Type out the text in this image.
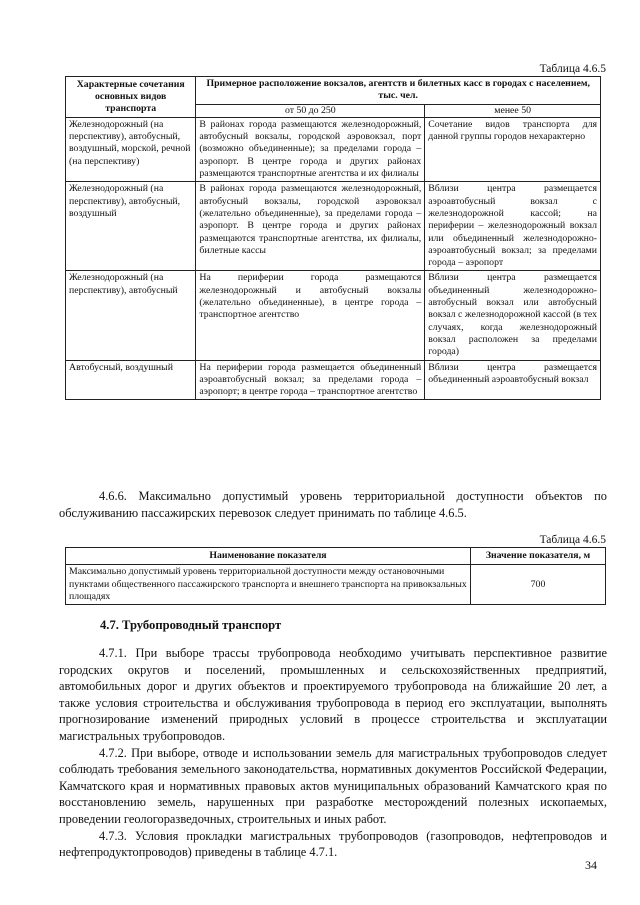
Таблица 4.6.5
Характерные сочетания основных видов транспорта	Примерное расположение вокзалов, агентств и билетных касс в городах с населением, тыс. чел.	
	от 50 до 250	менее 50
Железнодорожный (на перспективу), автобусный, воздушный, морской, речной (на перспективу)	В районах города размещаются железнодорожный, автобусный вокзалы, городской аэровокзал, порт (возможно объединенные); за пределами города – аэропорт. В центре города и других районах размещаются транспортные агентства и их филиалы	Сочетание видов транспорта для данной группы городов нехарактерно
Железнодорожный (на перспективу), автобусный, воздушный	В районах города размещаются железнодорожный, автобусный вокзалы, городской аэровокзал (желательно объединенные), за пределами города – аэропорт. В центре города и других районах размещаются транспортные агентства, их филиалы, билетные кассы	Вблизи центра размещается аэроавтобусный вокзал с железнодорожной кассой; на периферии – железнодорожный вокзал или объединенный железнодорожно-аэроавтобусный вокзал; за пределами города – аэропорт
Железнодорожный (на перспективу), автобусный	На периферии города размещаются железнодорожный и автобусный вокзалы (желательно объединенные), в центре города – транспортное агентство	Вблизи центра размещается объединенный железнодорожно-автобусный вокзал или автобусный вокзал с железнодорожной кассой (в тех случаях, когда железнодорожный вокзал расположен за пределами города)
Автобусный, воздушный	На периферии города размещается объединенный аэроавтобусный вокзал; за пределами города – аэропорт; в центре города – транспортное агентство	Вблизи центра размещается объединенный аэроавтобусный вокзал

4.6.6. Максимально допустимый уровень территориальной доступности объектов по обслуживанию пассажирских перевозок следует принимать по таблице 4.6.5.

Таблица 4.6.5
Наименование показателя	Значение показателя, м
Максимально допустимый уровень территориальной доступности между остановочными пунктами общественного пассажирского транспорта и внешнего транспорта на привокзальных площадях	700
4.7. Трубопроводный транспорт

4.7.1. При выборе трассы трубопровода необходимо учитывать перспективное развитие городских округов и поселений, промышленных и сельскохозяйственных предприятий, автомобильных дорог и других объектов и проектируемого трубопровода на ближайшие 20 лет, а также условия строительства и обслуживания трубопровода в период его эксплуатации, выполнять прогнозирование изменений природных условий в процессе строительства и эксплуатации магистральных трубопроводов.

4.7.2. При выборе, отводе и использовании земель для магистральных трубопроводов следует соблюдать требования земельного законодательства, нормативных документов Российской Федерации, Камчатского края и нормативных правовых актов муниципальных образований Камчатского края по восстановлению земель, нарушенных при разработке месторождений полезных ископаемых, проведении геологоразведочных, строительных и иных работ.

4.7.3. Условия прокладки магистральных трубопроводов (газопроводов, нефтепроводов и нефтепродуктопроводов) приведены в таблице 4.7.1.

34
